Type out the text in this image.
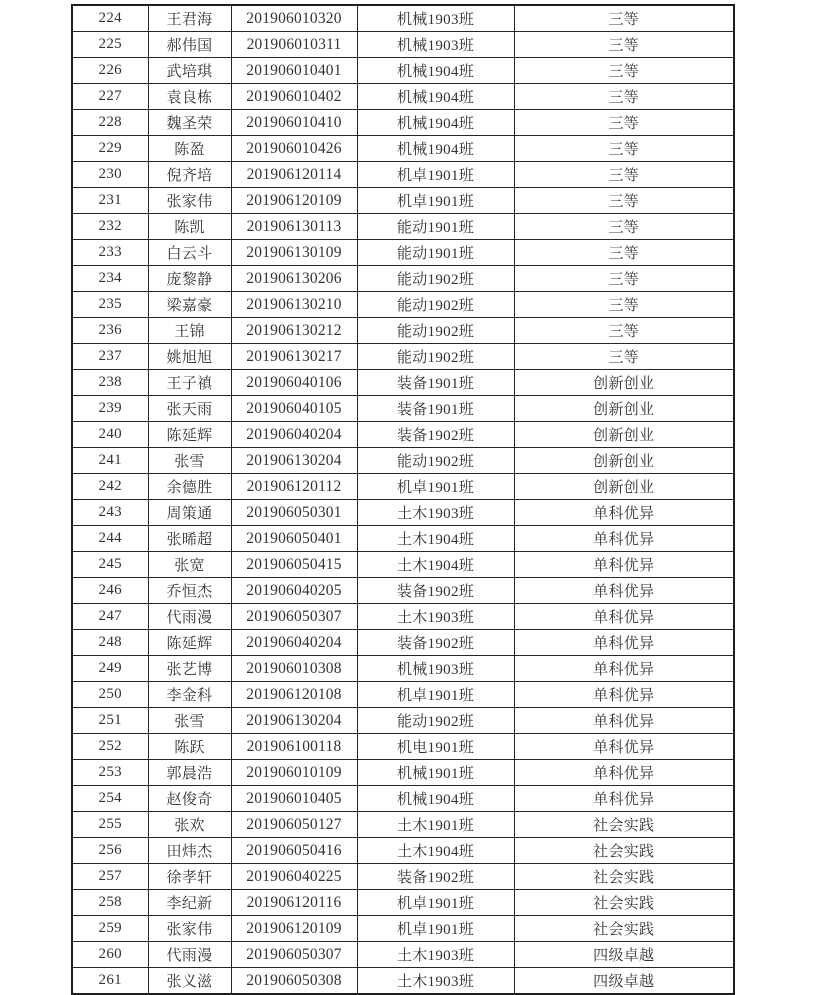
224	王君海	201906010320	机械1903班	三等
225	郝伟国	201906010311	机械1903班	三等
226	武培琪	201906010401	机械1904班	三等
227	袁良栋	201906010402	机械1904班	三等
228	魏圣荣	201906010410	机械1904班	三等
229	陈盈	201906010426	机械1904班	三等
230	倪齐培	201906120114	机卓1901班	三等
231	张家伟	201906120109	机卓1901班	三等
232	陈凯	201906130113	能动1901班	三等
233	白云斗	201906130109	能动1901班	三等
234	庞黎静	201906130206	能动1902班	三等
235	梁嘉豪	201906130210	能动1902班	三等
236	王锦	201906130212	能动1902班	三等
237	姚旭旭	201906130217	能动1902班	三等
238	王子禛	201906040106	装备1901班	创新创业
239	张天雨	201906040105	装备1901班	创新创业
240	陈延辉	201906040204	装备1902班	创新创业
241	张雪	201906130204	能动1902班	创新创业
242	余德胜	201906120112	机卓1901班	创新创业
243	周策通	201906050301	土木1903班	单科优异
244	张晞超	201906050401	土木1904班	单科优异
245	张宽	201906050415	土木1904班	单科优异
246	乔恒杰	201906040205	装备1902班	单科优异
247	代雨漫	201906050307	土木1903班	单科优异
248	陈延辉	201906040204	装备1902班	单科优异
249	张艺博	201906010308	机械1903班	单科优异
250	李金科	201906120108	机卓1901班	单科优异
251	张雪	201906130204	能动1902班	单科优异
252	陈跃	201906100118	机电1901班	单科优异
253	郭晨浩	201906010109	机械1901班	单科优异
254	赵俊奇	201906010405	机械1904班	单科优异
255	张欢	201906050127	土木1901班	社会实践
256	田炜杰	201906050416	土木1904班	社会实践
257	徐孝轩	201906040225	装备1902班	社会实践
258	李纪新	201906120116	机卓1901班	社会实践
259	张家伟	201906120109	机卓1901班	社会实践
260	代雨漫	201906050307	土木1903班	四级卓越
261	张义滋	201906050308	土木1903班	四级卓越
